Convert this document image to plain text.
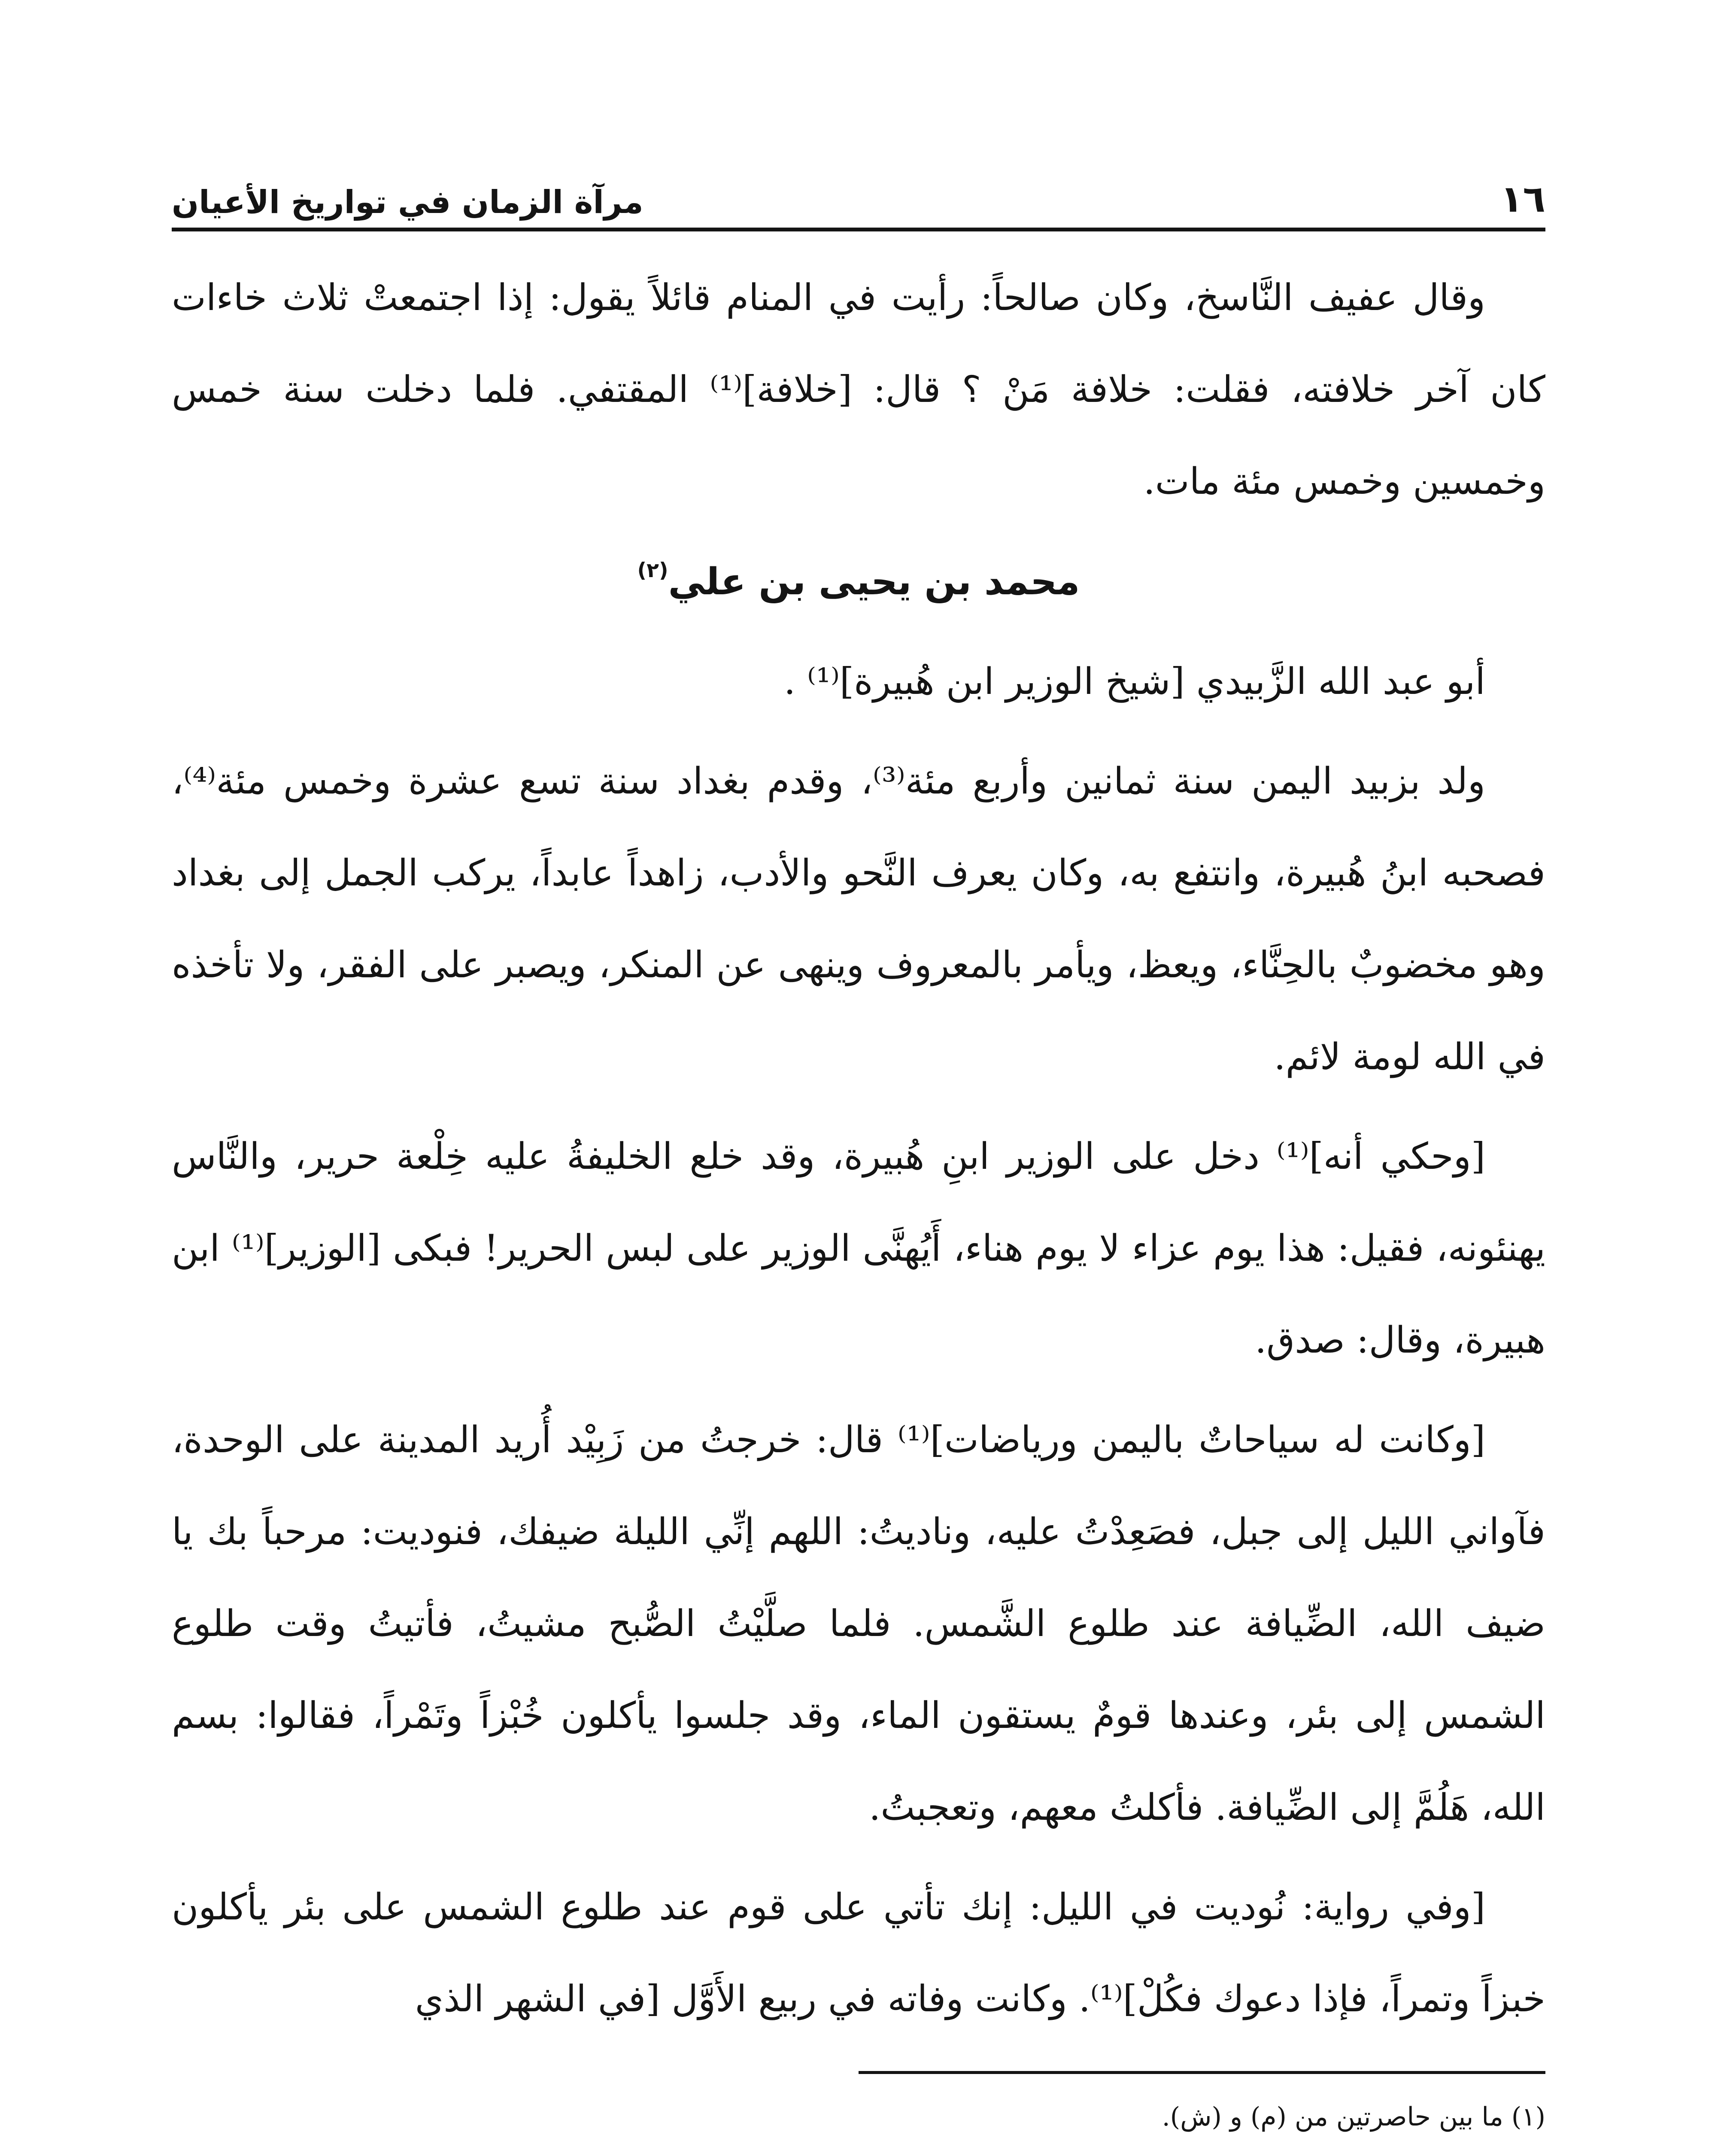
١٦
مرآة الزمان في تواريخ الأعيان

وقال عفيف النَّاسخ، وكان صالحاً: رأيت في المنام قائلاً يقول: إذا اجتمعتْ ثلاث خاءات كان آخر خلافته، فقلت: خلافة مَنْ ؟ قال: [خلافة]⁽¹⁾ المقتفي. فلما دخلت سنة خمس وخمسين وخمس مئة مات.

محمد بن يحيى بن علي$^{(٢)}$

أبو عبد الله الزَّبيدي [شيخ الوزير ابن هُبيرة]⁽¹⁾ .

ولد بزبيد اليمن سنة ثمانين وأربع مئة⁽³⁾، وقدم بغداد سنة تسع عشرة وخمس مئة⁽⁴⁾، فصحبه ابنُ هُبيرة، وانتفع به، وكان يعرف النَّحو والأدب، زاهداً عابداً، يركب الجمل إلى بغداد وهو مخضوبٌ بالحِنَّاء، ويعظ، ويأمر بالمعروف وينهى عن المنكر، ويصبر على الفقر، ولا تأخذه في الله لومة لائم.

[وحكي أنه]⁽¹⁾ دخل على الوزير ابنِ هُبيرة، وقد خلع الخليفةُ عليه خِلْعة حرير، والنَّاس يهنئونه، فقيل: هذا يوم عزاء لا يوم هناء، أَيُهنَّى الوزير على لبس الحرير! فبكى [الوزير]⁽¹⁾ ابن هبيرة، وقال: صدق.

[وكانت له سياحاتٌ باليمن ورياضات]⁽¹⁾ قال: خرجتُ من زَبِيْد أُريد المدينة على الوحدة، فآواني الليل إلى جبل، فصَعِدْتُ عليه، وناديتُ: اللهم إنِّي الليلة ضيفك، فنوديت: مرحباً بك يا ضيف الله، الضِّيافة عند طلوع الشَّمس. فلما صلَّيْتُ الصُّبح مشيتُ، فأتيتُ وقت طلوع الشمس إلى بئر، وعندها قومٌ يستقون الماء، وقد جلسوا يأكلون خُبْزاً وتَمْراً، فقالوا: بسم الله، هَلُمَّ إلى الضِّيافة. فأكلتُ معهم، وتعجبتُ.

[وفي رواية: نُوديت في الليل: إنك تأتي على قوم عند طلوع الشمس على بئر يأكلون خبزاً وتمراً، فإذا دعوك فكُلْ]⁽¹⁾. وكانت وفاته في ربيع الأَوَّل [في الشهر الذي

(١) ما بين حاصرتين من (م) و (ش).
